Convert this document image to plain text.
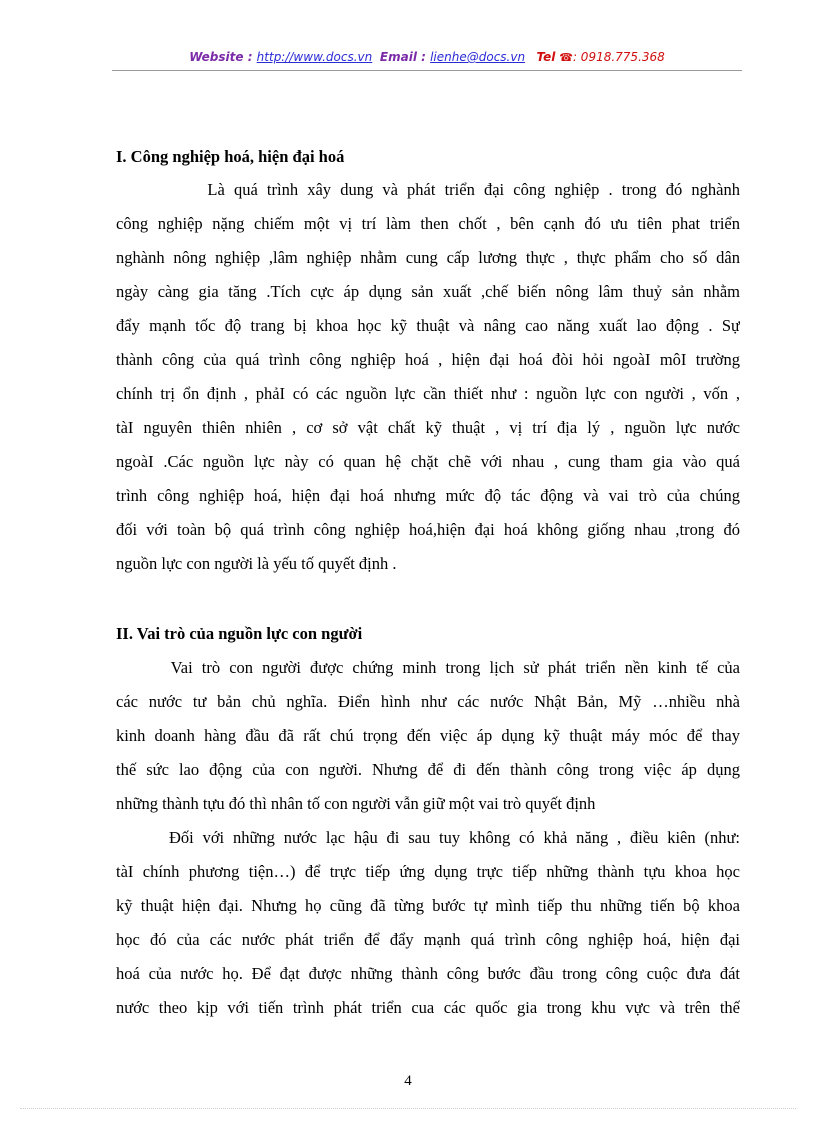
Website : http://www.docs.vn Email : lienhe@docs.vn Tel ☎: 0918.775.368
I. Công nghiệp hoá, hiện đại hoá
Là quá trình xây dung và phát triển đại công nghiệp . trong đó nghành
công nghiệp nặng chiếm một vị trí làm then chốt , bên cạnh đó ưu tiên phat triển
nghành nông nghiệp ,lâm nghiệp nhằm cung cấp lương thực , thực phẩm cho số dân
ngày càng gia tăng .Tích cực áp dụng sản xuất ,chế biến nông lâm thuỷ sản nhằm
đẩy mạnh tốc độ trang bị khoa học kỹ thuật và nâng cao năng xuất lao động . Sự
thành công của quá trình công nghiệp hoá , hiện đại hoá đòi hỏi ngoàI môI trường
chính trị ổn định , phảI có các nguồn lực cần thiết như : nguồn lực con người , vốn ,
tàI nguyên thiên nhiên , cơ sở vật chất kỹ thuật , vị trí địa lý , nguồn lực nước
ngoàI .Các nguồn lực này có quan hệ chặt chẽ với nhau , cung tham gia vào quá
trình công nghiệp hoá, hiện đại hoá nhưng mức độ tác động và vai trò của chúng
đối với toàn bộ quá trình công nghiệp hoá,hiện đại hoá không giống nhau ,trong đó
nguồn lực con người là yếu tố quyết định .
II. Vai trò của nguồn lực con người
Vai trò con người được chứng minh trong lịch sử phát triển nền kinh tế của
các nước tư bản chủ nghĩa. Điển hình như các nước Nhật Bản, Mỹ …nhiều nhà
kinh doanh hàng đầu đã rất chú trọng đến việc áp dụng kỹ thuật máy móc để thay
thế sức lao động của con người. Nhưng để đi đến thành công trong việc áp dụng
những thành tựu đó thì nhân tố con người vẫn giữ một vai trò quyết định
Đối với những nước lạc hậu đi sau tuy không có khả năng , điều kiên (như:
tàI chính phương tiện…) để trực tiếp ứng dụng trực tiếp những thành tựu khoa học
kỹ thuật hiện đại. Nhưng họ cũng đã từng bước tự mình tiếp thu những tiến bộ khoa
học đó của các nước phát triển để đẩy mạnh quá trình công nghiệp hoá, hiện đại
hoá của nước họ. Để đạt được những thành công bước đầu trong công cuộc đưa đát
nước theo kịp với tiến trình phát triển cua các quốc gia trong khu vực và trên thế
4
